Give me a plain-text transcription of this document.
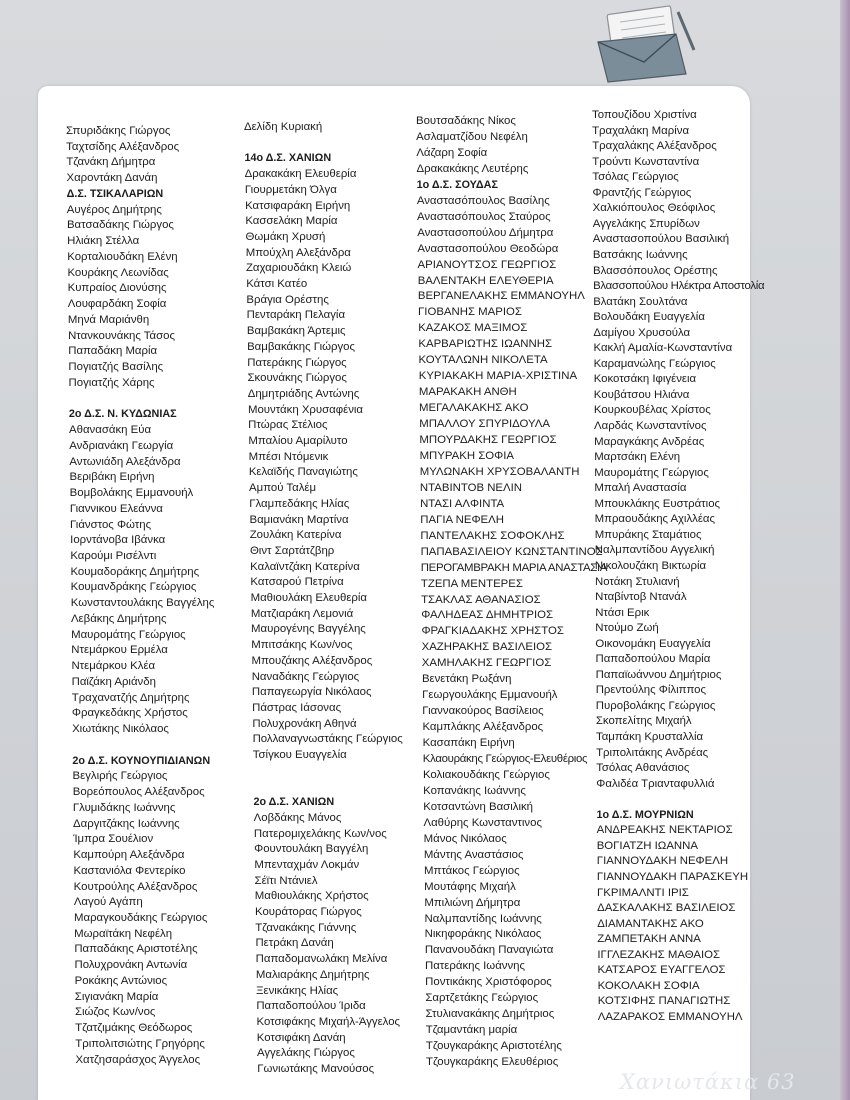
Σπυριδάκης Γιώργος
Ταχτσίδης Αλέξανδρος
Τζανάκη Δήμητρα
Χαροντάκη Δανάη
Δ.Σ. ΤΣΙΚΑΛΑΡΙΩΝ
Αυγέρος Δημήτρης
Βατσαδάκης Γιώργος
Ηλιάκη Στέλλα
Κορταλιουδάκη Ελένη
Κουράκης Λεωνίδας
Κυπραίος Διονύσης
Λουφαρδάκη Σοφία
Μηνά Μαριάνθη
Ντανκουνάκης Τάσος
Παπαδάκη Μαρία
Πογιατζής Βασίλης
Πογιατζής Χάρης
2ο Δ.Σ. Ν. ΚΥΔΩΝΙΑΣ
Αθανασάκη Εύα
Ανδριανάκη Γεωργία
Αντωνιάδη Αλεξάνδρα
Βεριβάκη Ειρήνη
Βομβολάκης Εμμανουήλ
Γιαννικου Ελεάννα
Γιάνστος Φώτης
Ιορντάνοβα Ιβάνκα
Καρούμι Ρισέλντι
Κουμαδοράκης Δημήτρης
Κουμανδράκης Γεώργιος
Κωνσταντουλάκης Βαγγέλης
Λεβάκης Δημήτρης
Μαυρομάτης Γεώργιος
Ντεμάρκου Ερμέλα
Ντεμάρκου Κλέα
Παϊζάκη Αριάνδη
Τραχανατζής Δημήτρης
Φραγκεδάκης Χρήστος
Χιωτάκης Νικόλαος
2ο Δ.Σ. ΚΟΥΝΟΥΠΙΔΙΑΝΩΝ
Βεγλιρής Γεώργιος
Βορεόπουλος Αλέξανδρος
Γλυμιδάκης Ιωάννης
Δαργιτζάκης Ιωάννης
Ίμπρα Σουέλιον
Καμπούρη Αλεξάνδρα
Καστανιόλα Φεντερίκο
Κουτρούλης Αλέξανδρος
Λαγού Αγάπη
Μαραγκουδάκης Γεώργιος
Μωραϊτάκη Νεφέλη
Παπαδάκης Αριστοτέλης
Πολυχρονάκη Αντωνία
Ροκάκης Αντώνιος
Σιγιανάκη Μαρία
Σιώζος Κων/νος
Τζατζιμάκης Θεόδωρος
Τριπολιτσιώτης Γρηγόρης
Χατζησαράσχος Άγγελος
Δελίδη Κυριακή
14ο Δ.Σ. ΧΑΝΙΩΝ
Δρακακάκη Ελευθερία
Γιουρμετάκη Όλγα
Κατσιφαράκη Ειρήνη
Κασσελάκη Μαρία
Θωμάκη Χρυσή
Μπούχλη Αλεξάνδρα
Ζαχαριουδάκη Κλειώ
Κάτσι Κατέο
Βράγια Ορέστης
Πενταράκη Πελαγία
Βαμβακάκη Άρτεμις
Βαμβακάκης Γιώργος
Πατεράκης Γιώργος
Σκουνάκης Γιώργος
Δημητριάδης Αντώνης
Μουντάκη Χρυσαφένια
Πτώρας Στέλιος
Μπαλίου Αμαρίλυτο
Μπέσι Ντόμενικ
Κελαϊδής Παναγιώτης
Αμπού Ταλέμ
Γλαμπεδάκης Ηλίας
Βαμιανάκη Μαρτίνα
Ζουλάκη Κατερίνα
Θιντ Σαρτάτζβηρ
Καλαϊντζάκη Κατερίνα
Κατσαρού Πετρίνα
Μαθιουλάκη Ελευθερία
Ματζιαράκη Λεμονιά
Μαυρογένης Βαγγέλης
Μπιτσάκης Κων/νος
Μπουζάκης Αλέξανδρος
Ναναδάκης Γεώργιος
Παπαγεωργία Νικόλαος
Πάστρας Ιάσονας
Πολυχρονάκη Αθηνά
Πολλαναγνωστάκης Γεώργιος
Τσίγκου Ευαγγελία
2ο Δ.Σ. ΧΑΝΙΩΝ
Λοβδάκης Μάνος
Πατερομιχελάκης Κων/νος
Φουντουλάκη Βαγγέλη
Μπενταχμάν Λοκμάν
Σέϊτι Ντάνιελ
Μαθιουλάκης Χρήστος
Κουράτορας Γιώργος
Τζανακάκης Γιάννης
Πετράκη Δανάη
Παπαδομανωλάκη Μελίνα
Μαλιαράκης Δημήτρης
Ξενικάκης Ηλίας
Παπαδοπούλου Ίριδα
Κοτσιφάκης Μιχαήλ-Άγγελος
Κοτσιφάκη Δανάη
Αγγελάκης Γιώργος
Γωνιωτάκης Μανούσος
Βουτσαδάκης Νίκος
Ασλαματζίδου Νεφέλη
Λάζαρη Σοφία
Δρακακάκης Λευτέρης
1ο Δ.Σ. ΣΟΥΔΑΣ
Αναστασόπουλος Βασίλης
Αναστασόπουλος Σταύρος
Αναστασοπούλου Δήμητρα
Αναστασοπούλου Θεοδώρα
ΑΡΙΑΝΟΥΤΣΟΣ ΓΕΩΡΓΙΟΣ
ΒΑΛΕΝΤΑΚΗ ΕΛΕΥΘΕΡΙΑ
ΒΕΡΓΑΝΕΛΑΚΗΣ ΕΜΜΑΝΟΥΗΛ
ΓΙΟΒΑΝΗΣ ΜΑΡΙΟΣ
ΚΑΖΑΚΟΣ ΜΑΞΙΜΟΣ
ΚΑΡΒΑΡΙΩΤΗΣ ΙΩΑΝΝΗΣ
ΚΟΥΤΑΛΩΝΗ ΝΙΚΟΛΕΤΑ
ΚΥΡΙΑΚΑΚΗ ΜΑΡΙΑ-ΧΡΙΣΤΙΝΑ
ΜΑΡΑΚΑΚΗ ΑΝΘΗ
ΜΕΓΑΛΑΚΑΚΗΣ ΑΚΟ
ΜΠΑΛΛΟΥ ΣΠΥΡΙΔΟΥΛΑ
ΜΠΟΥΡΔΑΚΗΣ ΓΕΩΡΓΙΟΣ
ΜΠΥΡΑΚΗ ΣΟΦΙΑ
ΜΥΛΩΝΑΚΗ ΧΡΥΣΟΒΑΛΑΝΤΗ
ΝΤΑΒΙΝΤΟΒ ΝΕΛΙΝ
ΝΤΑΣΙ ΑΛΦΙΝΤΑ
ΠΑΓΙΑ ΝΕΦΕΛΗ
ΠΑΝΤΕΛΑΚΗΣ ΣΟΦΟΚΛΗΣ
ΠΑΠΑΒΑΣΙΛΕΙΟΥ ΚΩΝΣΤΑΝΤΙΝΟΣ
ΠΕΡΟΓΑΜΒΡΑΚΗ ΜΑΡΙΑ ΑΝΑΣΤΑΣΙΑ
ΤΖΕΠΑ ΜΕΝΤΕΡΕΣ
ΤΣΑΚΛΑΣ ΑΘΑΝΑΣΙΟΣ
ΦΑΛΗΔΕΑΣ ΔΗΜΗΤΡΙΟΣ
ΦΡΑΓΚΙΑΔΑΚΗΣ ΧΡΗΣΤΟΣ
ΧΑΖΗΡΑΚΗΣ ΒΑΣΙΛΕΙΟΣ
ΧΑΜΗΛΑΚΗΣ ΓΕΩΡΓΙΟΣ
Βενετάκη Ρωξάνη
Γεωργουλάκης Εμμανουήλ
Γιαννακούρος Βασίλειος
Καμπλάκης Αλέξανδρος
Κασαπάκη Ειρήνη
Κλαουράκης Γεώργιος-Ελευθέριος
Κολιακουδάκης Γεώργιος
Κοπανάκης Ιωάννης
Κοτσαντώνη Βασιλική
Λαθύρης Κωνσταντινος
Μάνος Νικόλαος
Μάντης Αναστάσιος
Μπτάκος Γεώργιος
Μουτάφης Μιχαήλ
Μπιλιώνη Δήμητρα
Ναλμπαντίδης Ιωάννης
Νικηφοράκης Νικόλαος
Πανανουδάκη Παναγιώτα
Πατεράκης Ιωάννης
Ποντικάκης Χριστόφορος
Σαρτζετάκης Γεώργιος
Στυλιανακάκης Δημήτριος
Τζαμαντάκη μαρία
Τζουγκαράκης Αριστοτέλης
Τζουγκαράκης Ελευθέριος
Τοπουζίδου Χριστίνα
Τραχαλάκη Μαρίνα
Τραχαλάκης Αλέξανδρος
Τρούντι Κωνσταντίνα
Τσόλας Γεώργιος
Φραντζής Γεώργιος
Χαλκιόπουλος Θεόφιλος
Αγγελάκης Σπυρίδων
Αναστασοπούλου Βασιλική
Βατσάκης Ιωάννης
Βλασσόπουλος Ορέστης
Βλασσοπούλου Ηλέκτρα Αποστολία
Βλατάκη Σουλτάνα
Βολουδάκη Ευαγγελία
Δαμίγου Χρυσούλα
Κακλή Αμαλία-Κωνσταντίνα
Καραμανώλης Γεώργιος
Κοκοτσάκη Ιφιγένεια
Κουβάτσου Ηλιάνα
Κουρκουβέλας Χρίστος
Λαρδάς Κωνσταντίνος
Μαραγκάκης Ανδρέας
Μαρτσάκη Ελένη
Μαυρομάτης Γεώργιος
Μπαλή Αναστασία
Μπουκλάκης Ευστράτιος
Μπραουδάκης Αχιλλέας
Μπυράκης Σταμάτιος
Ναλμπαντίδου Αγγελική
Νικολουζάκη Βικτωρία
Νοτάκη Στυλιανή
Νταβίντοβ Ντανάλ
Ντάσι Ερικ
Ντούμο Ζωή
Οικονομάκη Ευαγγελία
Παπαδοπούλου Μαρία
Παπαϊωάννου Δημήτριος
Πρεντούλης Φίλιππος
Πυροβολάκης Γεώργιος
Σκοπελίτης Μιχαήλ
Ταμπάκη Κρυσταλλία
Τριπολιτάκης Ανδρέας
Τσόλας Αθανάσιος
Φαλιδέα Τριανταφυλλιά
1ο Δ.Σ. ΜΟΥΡΝΙΩΝ
ΑΝΔΡΕΑΚΗΣ ΝΕΚΤΑΡΙΟΣ
ΒΟΓΙΑΤΖΗ ΙΩΑΝΝΑ
ΓΙΑΝΝΟΥΔΑΚΗ ΝΕΦΕΛΗ
ΓΙΑΝΝΟΥΔΑΚΗ ΠΑΡΑΣΚΕΥΗ
ΓΚΡΙΜΑΛΝΤΙ ΙΡΙΣ
ΔΑΣΚΑΛΑΚΗΣ ΒΑΣΙΛΕΙΟΣ
ΔΙΑΜΑΝΤΑΚΗΣ ΑΚΟ
ΖΑΜΠΕΤΑΚΗ ΑΝΝΑ
ΙΓΓΛΕΖΑΚΗΣ ΜΑΘΑΙΟΣ
ΚΑΤΣΑΡΟΣ ΕΥΑΓΓΕΛΟΣ
ΚΟΚΟΛΑΚΗ ΣΟΦΙΑ
ΚΟΤΣΙΦΗΣ ΠΑΝΑΓΙΩΤΗΣ
ΛΑΖΑΡΑΚΟΣ ΕΜΜΑΝΟΥΗΛ
Χανιωτάκια 63
